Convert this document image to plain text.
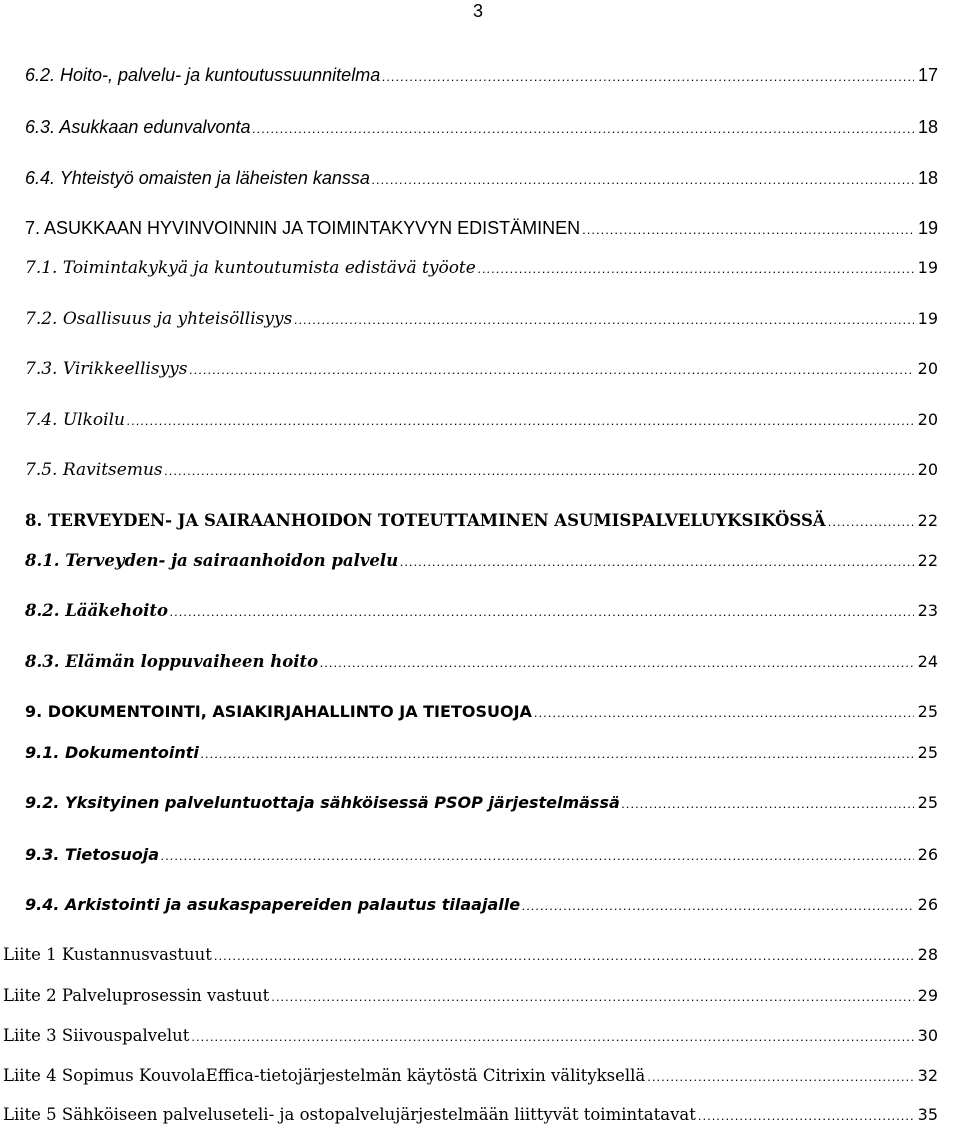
3
6.2. Hoito-, palvelu- ja kuntoutussuunnitelma .....	17
6.3. Asukkaan edunvalvonta .....	18
6.4. Yhteistyö omaisten ja läheisten kanssa .....	18
7. ASUKKAAN HYVINVOINNIN JA TOIMINTAKYVYN EDISTÄMINEN .....	19
7.1. Toimintakykyä ja kuntoutumista edistävä työote .....	19
7.2. Osallisuus ja yhteisöllisyys .....	19
7.3. Virikkeellisyys .....	20
7.4. Ulkoilu .....	20
7.5. Ravitsemus .....	20
8. TERVEYDEN- JA SAIRAANHOIDON TOTEUTTAMINEN ASUMISPALVELUYKSIKÖSSÄ .....	22
8.1. Terveyden- ja sairaanhoidon palvelu .....	22
8.2. Lääkehoito .....	23
8.3. Elämän loppuvaiheen hoito .....	24
9. DOKUMENTOINTI, ASIAKIRJAHALLINTO JA TIETOSUOJA .....	25
9.1. Dokumentointi .....	25
9.2. Yksityinen palveluntuottaja sähköisessä PSOP järjestelmässä .....	25
9.3. Tietosuoja .....	26
9.4. Arkistointi ja asukaspapereiden palautus tilaajalle .....	26
Liite 1 Kustannusvastuut .....	28
Liite 2 Palveluprosessin vastuut .....	29
Liite 3 Siivouspalvelut .....	30
Liite 4 Sopimus KouvolaEffica-tietojärjestelmän käytöstä Citrixin välityksellä .....	32
Liite 5 Sähköiseen palveluseteli- ja ostopalvelujärjestelmään liittyvät toimintatavat .....	35
